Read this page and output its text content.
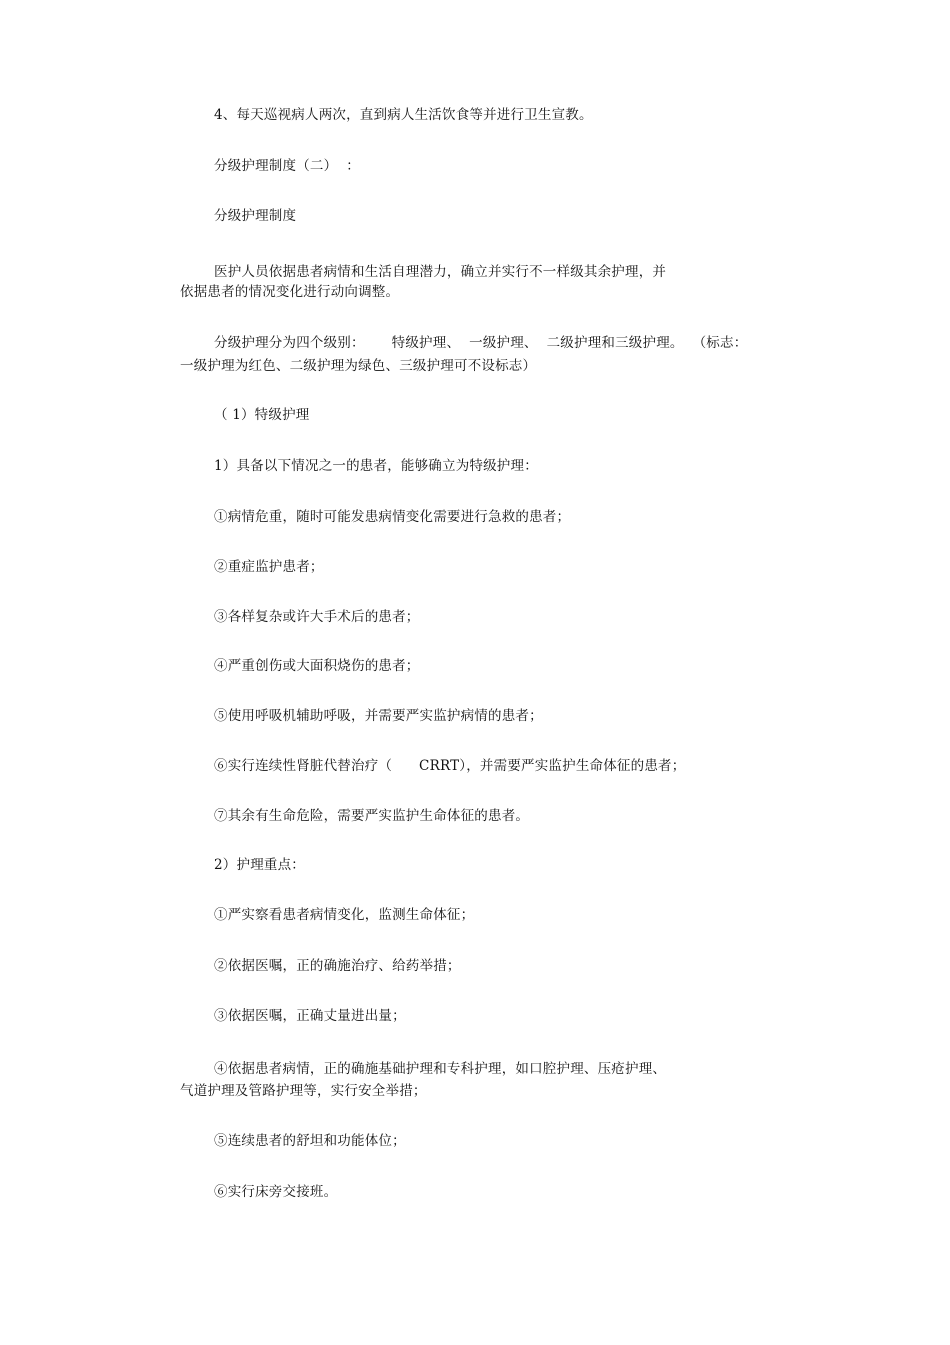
4、每天巡视病人两次，直到病人生活饮食等并进行卫生宣教。
分级护理制度（二）  ：
分级护理制度
医护人员依据患者病情和生活自理潜力，确立并实行不一样级其余护理，并
依据患者的情况变化进行动向调整。
分级护理分为四个级别：      特级护理、  一级护理、  二级护理和三级护理。  （标志：
一级护理为红色、二级护理为绿色、三级护理可不设标志）
（ 1）特级护理
1）具备以下情况之一的患者，能够确立为特级护理：
①病情危重，随时可能发患病情变化需要进行急救的患者；
②重症监护患者；
③各样复杂或许大手术后的患者；
④严重创伤或大面积烧伤的患者；
⑤使用呼吸机辅助呼吸，并需要严实监护病情的患者；
⑥实行连续性肾脏代替治疗（      CRRT），并需要严实监护生命体征的患者；
⑦其余有生命危险，需要严实监护生命体征的患者。
2）护理重点：
①严实察看患者病情变化，监测生命体征；
②依据医嘱，正的确施治疗、给药举措；
③依据医嘱，正确丈量进出量；
④依据患者病情，正的确施基础护理和专科护理，如口腔护理、压疮护理、
气道护理及管路护理等，实行安全举措；
⑤连续患者的舒坦和功能体位；
⑥实行床旁交接班。
